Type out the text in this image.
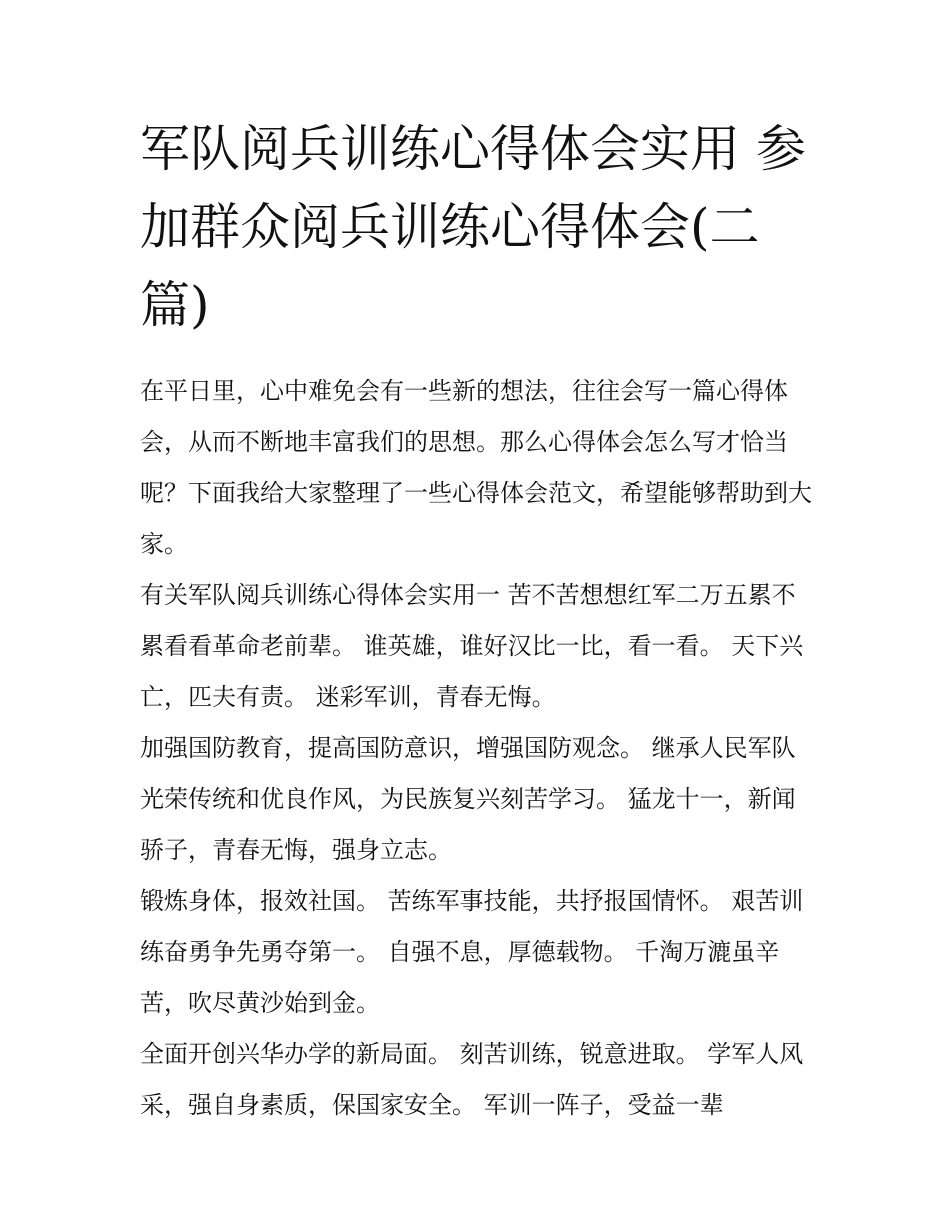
军队阅兵训练心得体会实用 参加群众阅兵训练心得体会(二篇)

在平日里，心中难免会有一些新的想法，往往会写一篇心得体会，从而不断地丰富我们的思想。那么心得体会怎么写才恰当呢？下面我给大家整理了一些心得体会范文，希望能够帮助到大家。

有关军队阅兵训练心得体会实用一 苦不苦想想红军二万五累不累看看革命老前辈。 谁英雄，谁好汉比一比，看一看。 天下兴亡，匹夫有责。 迷彩军训，青春无悔。

加强国防教育，提高国防意识，增强国防观念。 继承人民军队光荣传统和优良作风，为民族复兴刻苦学习。 猛龙十一，新闻骄子，青春无悔，强身立志。

锻炼身体，报效社国。 苦练军事技能，共抒报国情怀。 艰苦训练奋勇争先勇夺第一。 自强不息，厚德载物。 千淘万漉虽辛苦，吹尽黄沙始到金。

全面开创兴华办学的新局面。 刻苦训练，锐意进取。 学军人风采，强自身素质，保国家安全。 军训一阵子，受益一辈
